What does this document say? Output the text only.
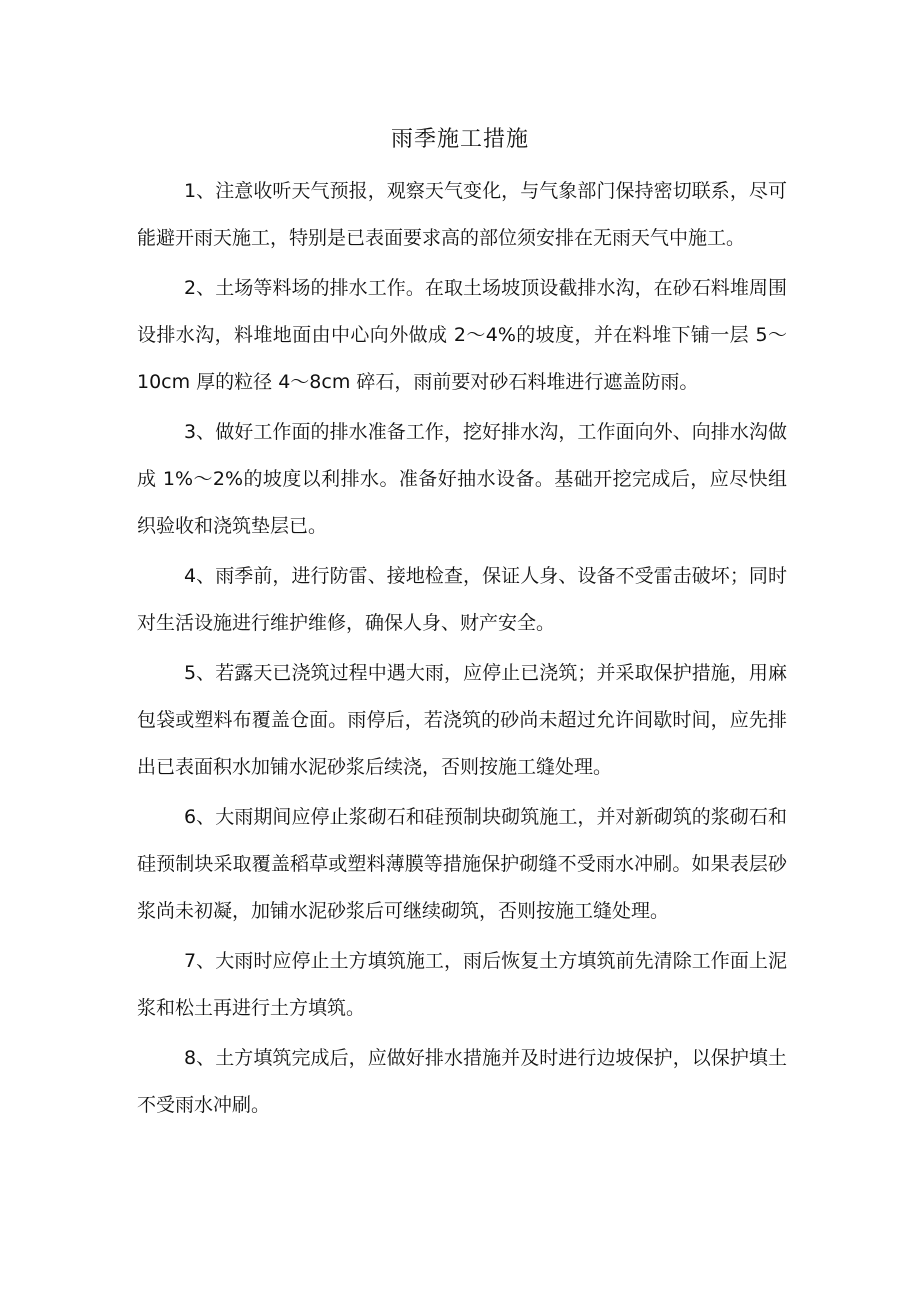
雨季施工措施

1、注意收听天气预报，观察天气变化，与气象部门保持密切联系，尽可能避开雨天施工，特别是已表面要求高的部位须安排在无雨天气中施工。

2、土场等料场的排水工作。在取土场坡顶设截排水沟，在砂石料堆周围设排水沟，料堆地面由中心向外做成 2～4%的坡度，并在料堆下铺一层 5～10cm 厚的粒径 4～8cm 碎石，雨前要对砂石料堆进行遮盖防雨。

3、做好工作面的排水准备工作，挖好排水沟，工作面向外、向排水沟做成 1%～2%的坡度以利排水。准备好抽水设备。基础开挖完成后，应尽快组织验收和浇筑垫层已。

4、雨季前，进行防雷、接地检查，保证人身、设备不受雷击破坏；同时对生活设施进行维护维修，确保人身、财产安全。

5、若露天已浇筑过程中遇大雨，应停止已浇筑；并采取保护措施，用麻包袋或塑料布覆盖仓面。雨停后，若浇筑的砂尚未超过允许间歇时间，应先排出已表面积水加铺水泥砂浆后续浇，否则按施工缝处理。

6、大雨期间应停止浆砌石和硅预制块砌筑施工，并对新砌筑的浆砌石和硅预制块采取覆盖稻草或塑料薄膜等措施保护砌缝不受雨水冲刷。如果表层砂浆尚未初凝，加铺水泥砂浆后可继续砌筑，否则按施工缝处理。

7、大雨时应停止土方填筑施工，雨后恢复土方填筑前先清除工作面上泥浆和松土再进行土方填筑。

8、土方填筑完成后，应做好排水措施并及时进行边坡保护，以保护填土不受雨水冲刷。
